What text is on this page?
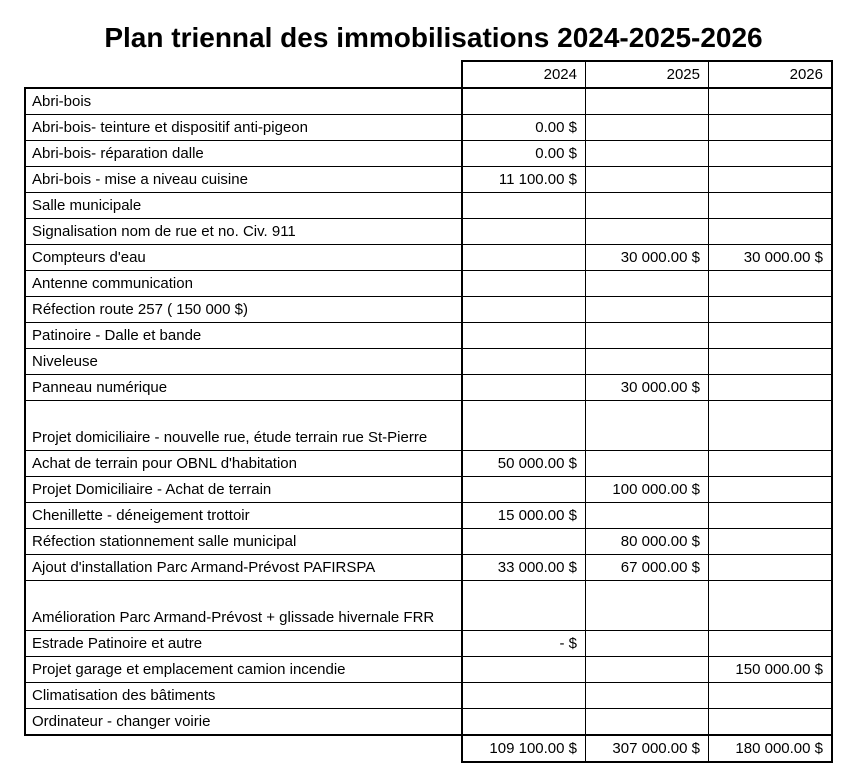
Plan triennal des immobilisations 2024-2025-2026
	2024	2025	2026
Abri-bois			
Abri-bois- teinture et dispositif anti-pigeon	0.00 $		
Abri-bois- réparation dalle	0.00 $		
Abri-bois - mise a niveau cuisine	11 100.00 $		
Salle municipale			
Signalisation nom de rue et no. Civ. 911			
Compteurs d'eau		30 000.00 $	30 000.00 $
Antenne communication			
Réfection route 257 ( 150 000 $)			
Patinoire - Dalle et bande			
Niveleuse			
Panneau numérique		30 000.00 $	
Projet domiciliaire - nouvelle rue, étude terrain rue St-Pierre			
Achat de terrain pour OBNL d'habitation	50 000.00 $		
Projet Domiciliaire - Achat de terrain		100 000.00 $	
Chenillette - déneigement trottoir	15 000.00 $		
Réfection stationnement salle municipal		80 000.00 $	
Ajout d'installation Parc Armand-Prévost PAFIRSPA	33 000.00 $	67 000.00 $	
Amélioration Parc Armand-Prévost + glissade hivernale FRR			
Estrade Patinoire et autre	- $		
Projet garage et emplacement camion incendie			150 000.00 $
Climatisation des bâtiments			
Ordinateur - changer voirie			
	109 100.00 $	307 000.00 $	180 000.00 $
